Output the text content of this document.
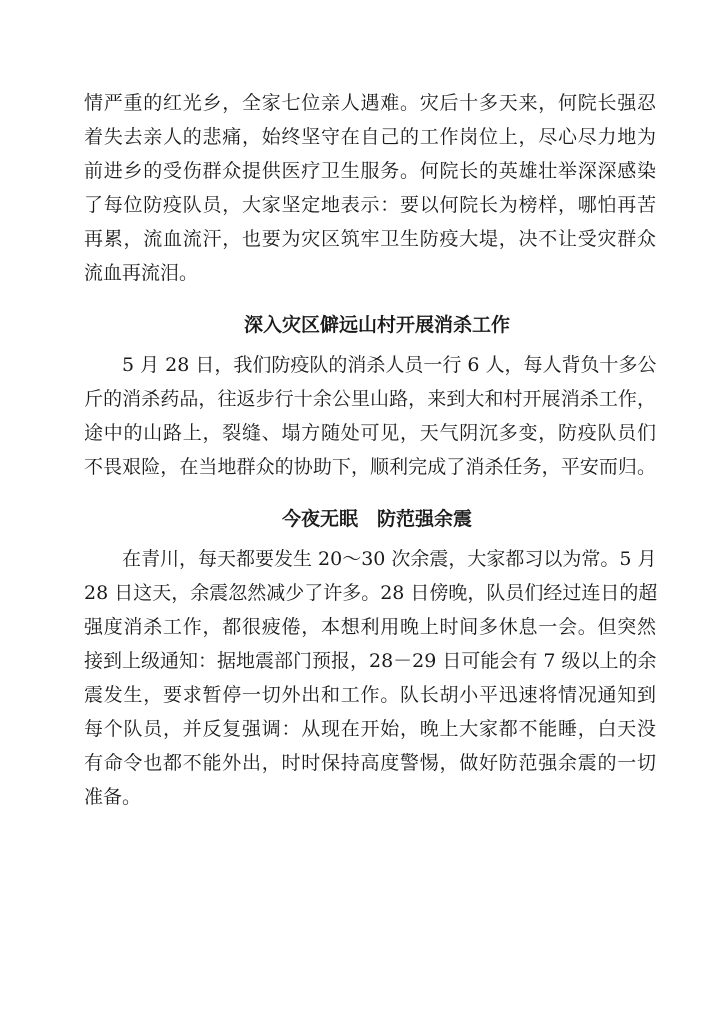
情严重的红光乡，全家七位亲人遇难。灾后十多天来，何院长强忍
着失去亲人的悲痛，始终坚守在自己的工作岗位上，尽心尽力地为
前进乡的受伤群众提供医疗卫生服务。何院长的英雄壮举深深感染
了每位防疫队员，大家坚定地表示：要以何院长为榜样，哪怕再苦
再累，流血流汗，也要为灾区筑牢卫生防疫大堤，决不让受灾群众
流血再流泪。
深入灾区僻远山村开展消杀工作
5 月 28 日，我们防疫队的消杀人员一行 6 人，每人背负十多公
斤的消杀药品，往返步行十余公里山路，来到大和村开展消杀工作，
途中的山路上，裂缝、塌方随处可见，天气阴沉多变，防疫队员们
不畏艰险，在当地群众的协助下，顺利完成了消杀任务，平安而归。
今夜无眠　防范强余震
在青川，每天都要发生 20～30 次余震，大家都习以为常。5 月
28 日这天，余震忽然减少了许多。28 日傍晚，队员们经过连日的超
强度消杀工作，都很疲倦，本想利用晚上时间多休息一会。但突然
接到上级通知：据地震部门预报，28－29 日可能会有 7 级以上的余
震发生，要求暂停一切外出和工作。队长胡小平迅速将情况通知到
每个队员，并反复强调：从现在开始，晚上大家都不能睡，白天没
有命令也都不能外出，时时保持高度警惕，做好防范强余震的一切
准备。
